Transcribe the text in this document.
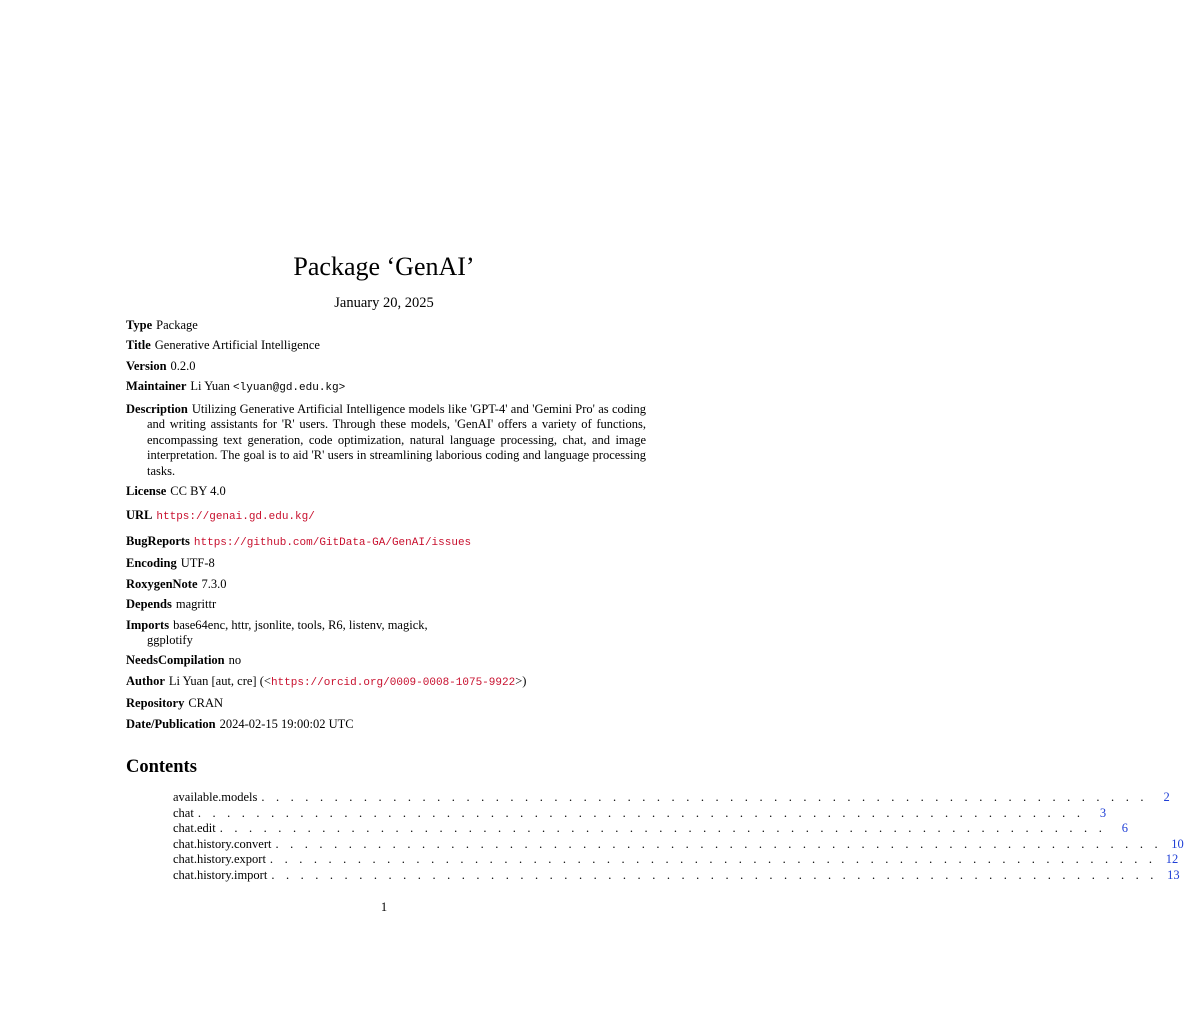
Package ‘GenAI’
January 20, 2025
Type Package
Title Generative Artificial Intelligence
Version 0.2.0
Maintainer Li Yuan <lyuan@gd.edu.kg>
Description Utilizing Generative Artificial Intelligence models like 'GPT-4' and 'Gemini Pro' as coding and writing assistants for 'R' users. Through these models, 'GenAI' offers a variety of functions, encompassing text generation, code optimization, natural language processing, chat, and image interpretation. The goal is to aid 'R' users in streamlining laborious coding and language processing tasks.
License CC BY 4.0
URL https://genai.gd.edu.kg/
BugReports https://github.com/GitData-GA/GenAI/issues
Encoding UTF-8
RoxygenNote 7.3.0
Depends magrittr
Imports base64enc, httr, jsonlite, tools, R6, listenv, magick, ggplotify
NeedsCompilation no
Author Li Yuan [aut, cre] (<https://orcid.org/0009-0008-1075-9922>)
Repository CRAN
Date/Publication 2024-02-15 19:00:02 UTC
Contents
available.models . . . . . . . . . . . . . . . . . . . . . . . . . . . . . . . . . . . . . . . . . . . . . . . . . . . . . . . . . . . . .	2
chat . . . . . . . . . . . . . . . . . . . . . . . . . . . . . . . . . . . . . . . . . . . . . . . . . . . . . . . . . . . . .	3
chat.edit . . . . . . . . . . . . . . . . . . . . . . . . . . . . . . . . . . . . . . . . . . . . . . . . . . . . . . . . . . . . .	6
chat.history.convert . . . . . . . . . . . . . . . . . . . . . . . . . . . . . . . . . . . . . . . . . . . . . . . . . . . . . . . . . . . . . 10
chat.history.export . . . . . . . . . . . . . . . . . . . . . . . . . . . . . . . . . . . . . . . . . . . . . . . . . . . . . . . . . . . . . 12
chat.history.import . . . . . . . . . . . . . . . . . . . . . . . . . . . . . . . . . . . . . . . . . . . . . . . . . . . . . . . . . . . . . 13
1
